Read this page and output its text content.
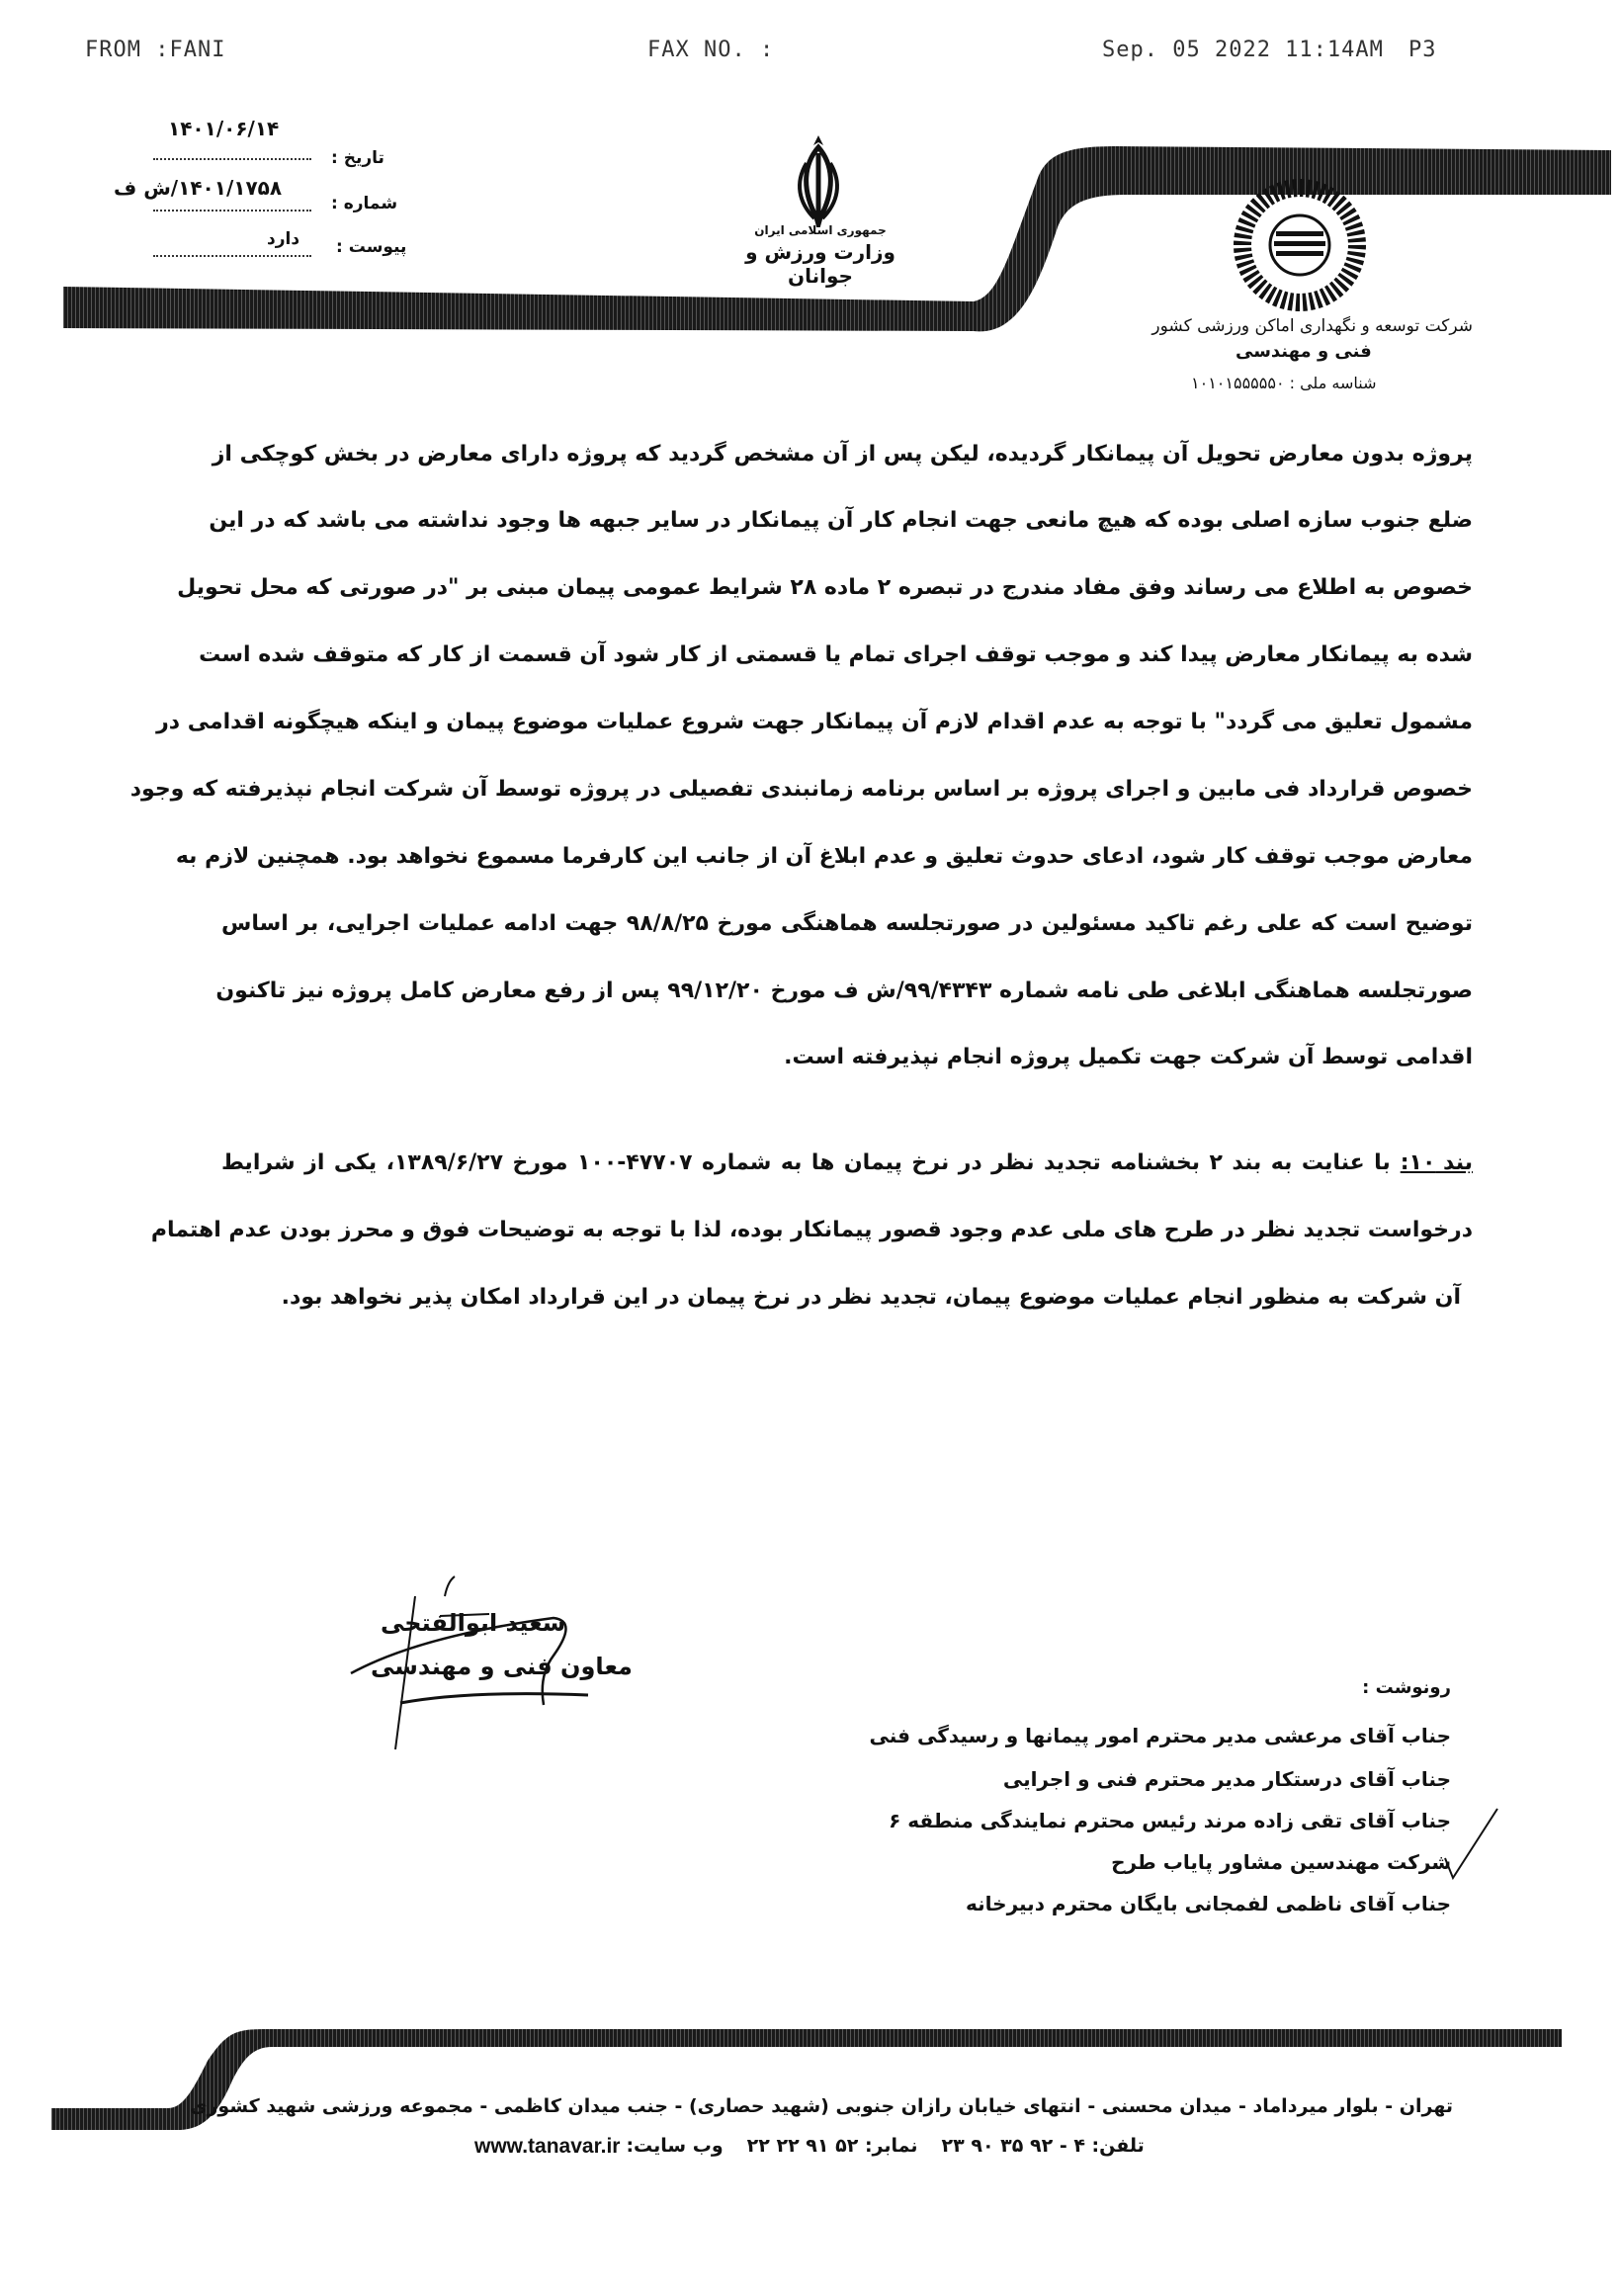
FROM :FANI	FAX NO. :	Sep. 05 2022 11:14AM P3
۱۴۰۱/۰۶/۱۴
تاریخ :
۱۴۰۱/۱۷۵۸/ش ف
شماره :
دارد پیوست :
جمهوری اسلامی ایران
وزارت ورزش و جوانان
شرکت توسعه و نگهداری اماکن ورزشی کشور
فنی و مهندسی
شناسه ملی : ۱۰۱۰۱۵۵۵۵۵۰
پروژه بدون معارض تحویل آن پیمانکار گردیده، لیکن پس از آن مشخص گردید که پروژه دارای معارض در بخش کوچکی از
ضلع جنوب سازه اصلی بوده که هیچ مانعی جهت انجام کار آن پیمانکار در سایر جبهه ها وجود نداشته می باشد که در این
خصوص به اطلاع می رساند وفق مفاد مندرج در تبصره ۲ ماده ۲۸ شرایط عمومی پیمان مبنی بر "در صورتی که محل تحویل
شده به پیمانکار معارض پیدا کند و موجب توقف اجرای تمام یا قسمتی از کار شود آن قسمت از کار که متوقف شده است
مشمول تعلیق می گردد" با توجه به عدم اقدام لازم آن پیمانکار جهت شروع عملیات موضوع پیمان و اینکه هیچگونه اقدامی در
خصوص قرارداد فی مابین و اجرای پروژه بر اساس برنامه زمانبندی تفصیلی در پروژه توسط آن شرکت انجام نپذیرفته که وجود
معارض موجب توقف کار شود، ادعای حدوث تعلیق و عدم ابلاغ آن از جانب این کارفرما مسموع نخواهد بود. همچنین لازم به
توضیح است که علی رغم تاکید مسئولین در صورتجلسه هماهنگی مورخ ۹۸/۸/۲۵ جهت ادامه عملیات اجرایی، بر اساس
صورتجلسه هماهنگی ابلاغی طی نامه شماره ۹۹/۴۳۴۳/ش ف مورخ ۹۹/۱۲/۲۰ پس از رفع معارض کامل پروژه نیز تاکنون
اقدامی توسط آن شرکت جهت تکمیل پروژه انجام نپذیرفته است.
بند ۱۰:
با عنایت به بند ۲ بخشنامه تجدید نظر در نرخ پیمان ها به شماره ۴۷۷۰۷-۱۰۰ مورخ ۱۳۸۹/۶/۲۷، یکی از شرایط
درخواست تجدید نظر در طرح های ملی عدم وجود قصور پیمانکار بوده، لذا با توجه به توضیحات فوق و محرز بودن عدم اهتمام
آن شرکت به منظور انجام عملیات موضوع پیمان، تجدید نظر در نرخ پیمان در این قرارداد امکان پذیر نخواهد بود.
سعید ابوالفتحی
معاون فنی و مهندسی
رونوشت :
جناب آقای مرعشی مدیر محترم امور پیمانها و رسیدگی فنی
جناب آقای درستکار مدیر محترم فنی و اجرایی
جناب آقای تقی زاده مرند رئیس محترم نمایندگی منطقه ۶
شرکت مهندسین مشاور پایاب طرح
جناب آقای ناظمی لفمجانی بایگان محترم دبیرخانه
تهران - بلوار میرداماد - میدان محسنی - انتهای خیابان رازان جنوبی (شهید حصاری) - جنب میدان کاظمی - مجموعه ورزشی شهید کشوری
تلفن: ۴ - ۹۲ ۳۵ ۹۰ ۲۳
نمابر: ۵۲ ۹۱ ۲۲ ۲۲
وب سایت:
www.tanavar.ir
